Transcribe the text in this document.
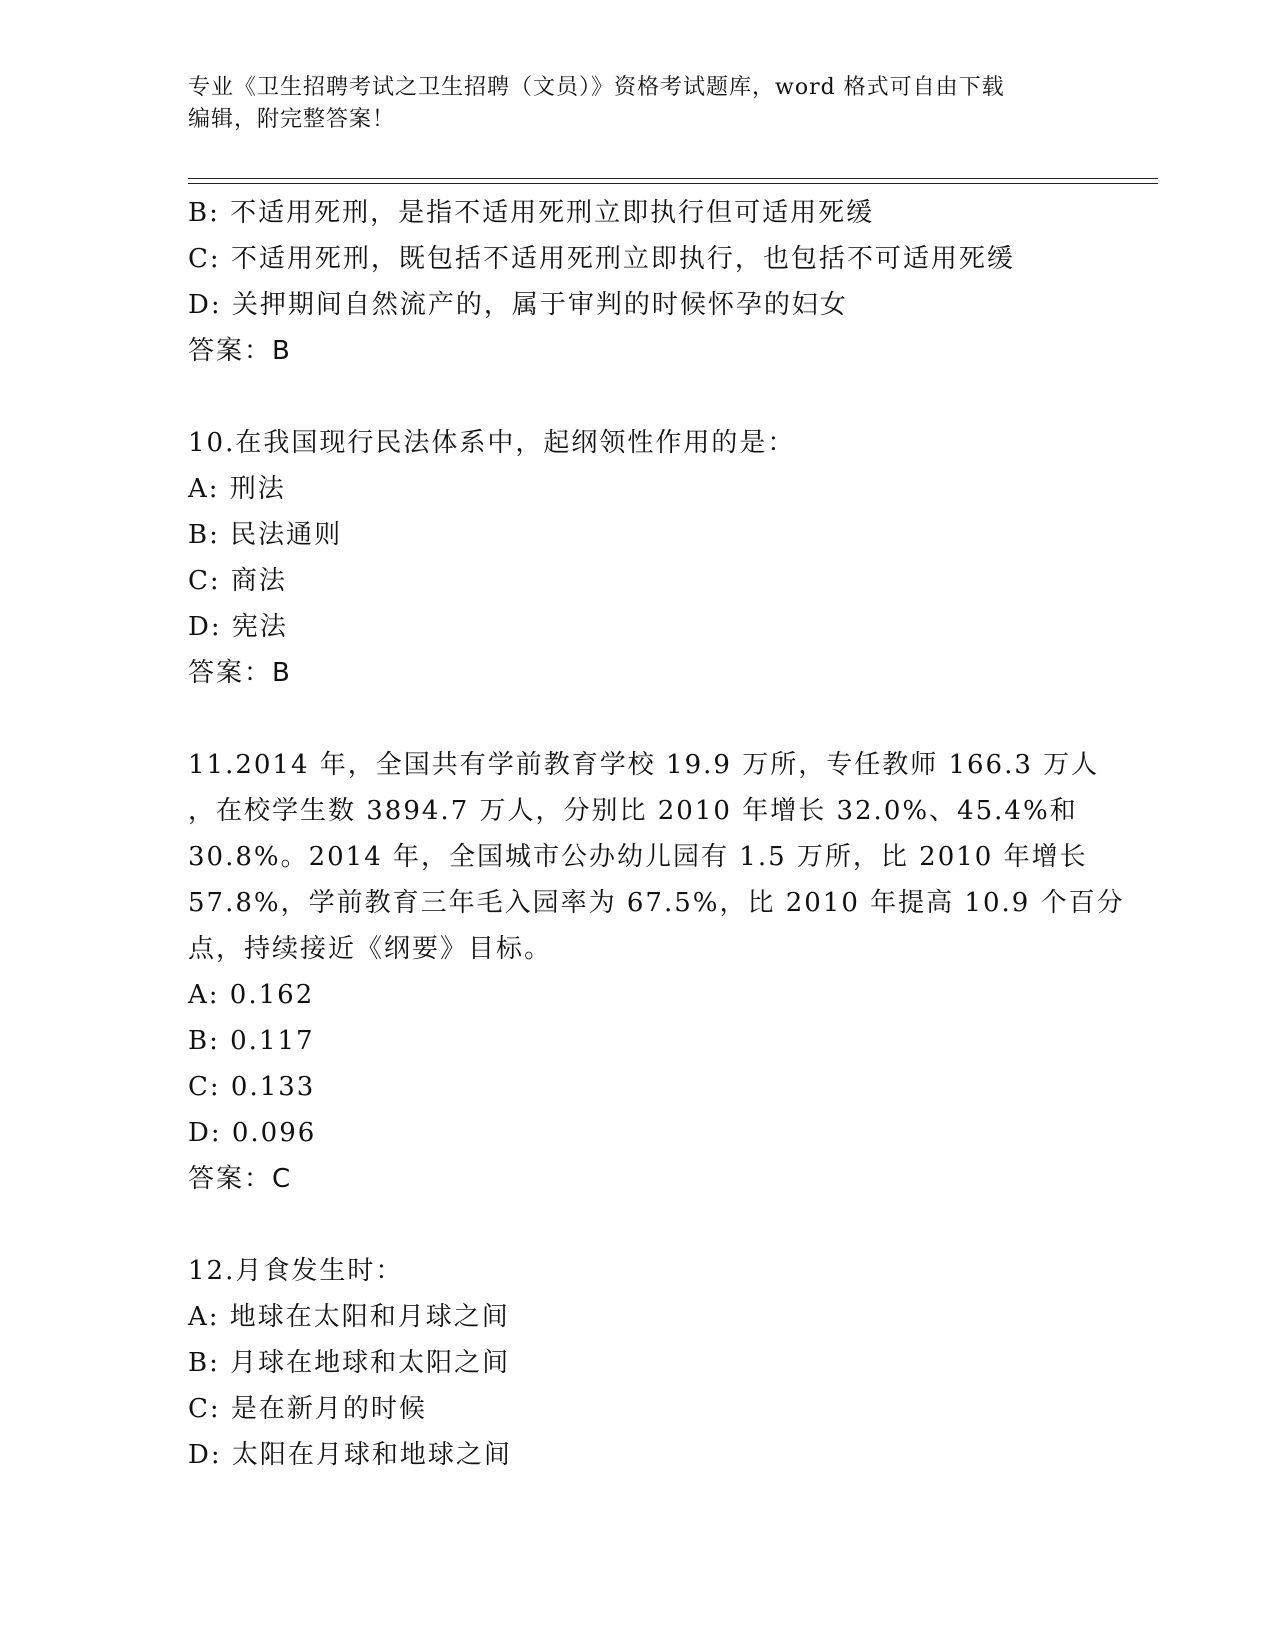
专业《卫生招聘考试之卫生招聘（文员）》资格考试题库，word 格式可自由下载
编辑，附完整答案！
B: 不适用死刑，是指不适用死刑立即执行但可适用死缓
C: 不适用死刑，既包括不适用死刑立即执行，也包括不可适用死缓
D: 关押期间自然流产的，属于审判的时候怀孕的妇女
答案：B
10.在我国现行民法体系中，起纲领性作用的是：
A: 刑法
B: 民法通则
C: 商法
D: 宪法
答案：B
11.2014 年，全国共有学前教育学校 19.9 万所，专任教师 166.3 万人
，在校学生数 3894.7 万人，分别比 2010 年增长 32.0%、45.4%和
30.8%。2014 年，全国城市公办幼儿园有 1.5 万所，比 2010 年增长
57.8%，学前教育三年毛入园率为 67.5%，比 2010 年提高 10.9 个百分
点，持续接近《纲要》目标。
A: 0.162
B: 0.117
C: 0.133
D: 0.096
答案：C
12.月食发生时：
A: 地球在太阳和月球之间
B: 月球在地球和太阳之间
C: 是在新月的时候
D: 太阳在月球和地球之间
